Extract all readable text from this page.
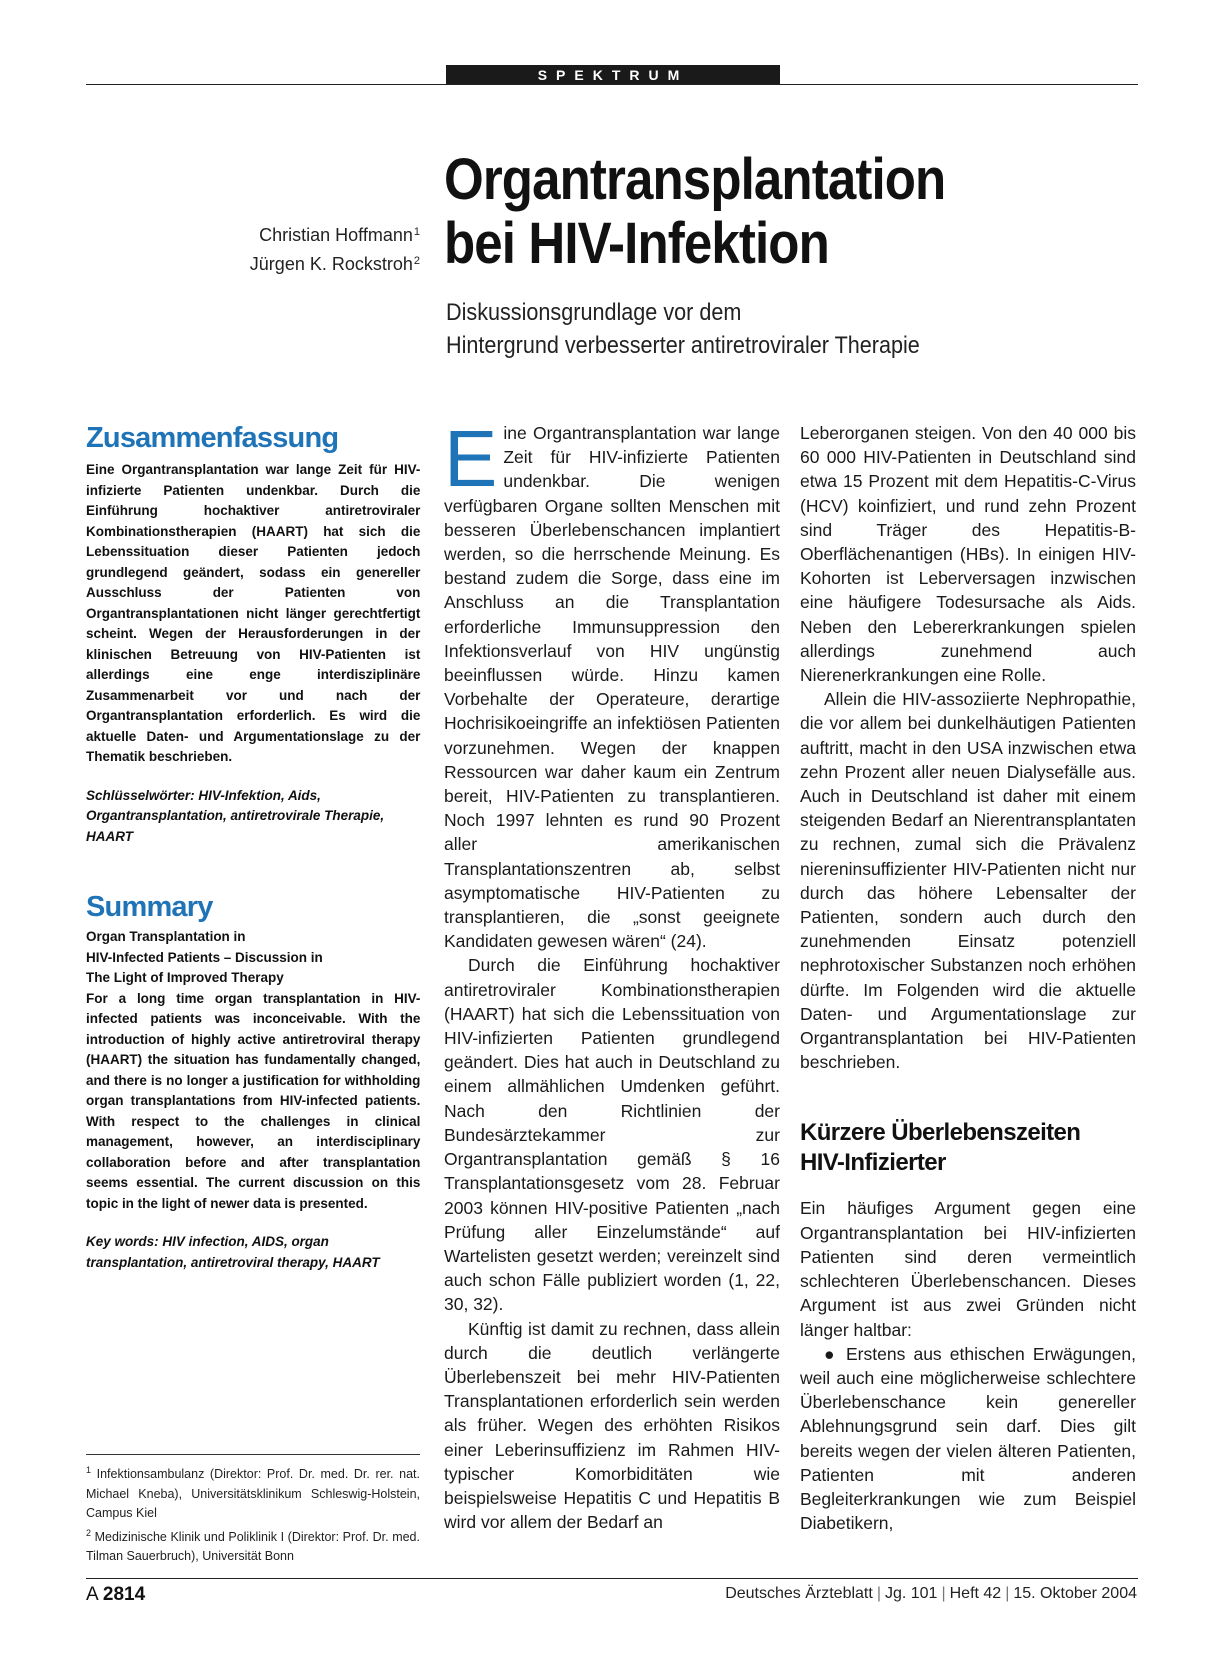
SPEKTRUM
Christian Hoffmann$^1$
Jürgen K. Rockstroh$^2$
Organtransplantation
bei HIV-Infektion
Diskussionsgrundlage vor dem
Hintergrund verbesserter antiretroviraler Therapie
Zusammenfassung

Eine Organtransplantation war lange Zeit für HIV-infizierte Patienten undenkbar. Durch die Einführung hochaktiver antiretroviraler Kombinationstherapien (HAART) hat sich die Lebenssituation dieser Patienten jedoch grundlegend geändert, sodass ein genereller Ausschluss der Patienten von Organtransplantationen nicht länger gerechtfertigt scheint. Wegen der Herausforderungen in der klinischen Betreuung von HIV-Patienten ist allerdings eine enge interdisziplinäre Zusammenarbeit vor und nach der Organtransplantation erforderlich. Es wird die aktuelle Daten- und Argumentationslage zu der Thematik beschrieben.

Schlüsselwörter: HIV-Infektion, Aids, Organtransplantation, antiretrovirale Therapie, HAART

Summary

Organ Transplantation in
HIV-Infected Patients – Discussion in
The Light of Improved Therapy
For a long time organ transplantation in HIV-infected patients was inconceivable. With the introduction of highly active antiretroviral therapy (HAART) the situation has fundamentally changed, and there is no longer a justification for withholding organ transplantations from HIV-infected patients. With respect to the challenges in clinical management, however, an interdisciplinary collaboration before and after transplantation seems essential. The current discussion on this topic in the light of newer data is presented.

Key words: HIV infection, AIDS, organ transplantation, antiretroviral therapy, HAART

$^1$ Infektionsambulanz (Direktor: Prof. Dr. med. Dr. rer. nat. Michael Kneba), Universitätsklinikum Schleswig-Holstein, Campus Kiel

$^2$ Medizinische Klinik und Poliklinik I (Direktor: Prof. Dr. med. Tilman Sauerbruch), Universität Bonn

Eine Organtransplantation war lange Zeit für HIV-infizierte Patienten undenkbar. Die wenigen verfügbaren Organe sollten Menschen mit besseren Überlebenschancen implantiert werden, so die herrschende Meinung. Es bestand zudem die Sorge, dass eine im Anschluss an die Transplantation erforderliche Immunsuppression den Infektionsverlauf von HIV ungünstig beeinflussen würde. Hinzu kamen Vorbehalte der Operateure, derartige Hochrisikoeingriffe an infektiösen Patienten vorzunehmen. Wegen der knappen Ressourcen war daher kaum ein Zentrum bereit, HIV-Patienten zu transplantieren. Noch 1997 lehnten es rund 90 Prozent aller amerikanischen Transplantationszentren ab, selbst asymptomatische HIV-Patienten zu transplantieren, die „sonst geeignete Kandidaten gewesen wären“ (24).

Durch die Einführung hochaktiver antiretroviraler Kombinationstherapien (HAART) hat sich die Lebenssituation von HIV-infizierten Patienten grundlegend geändert. Dies hat auch in Deutschland zu einem allmählichen Umdenken geführt. Nach den Richtlinien der Bundesärztekammer zur Organtransplantation gemäß § 16 Transplantationsgesetz vom 28. Februar 2003 können HIV-positive Patienten „nach Prüfung aller Einzelumstände“ auf Wartelisten gesetzt werden; vereinzelt sind auch schon Fälle publiziert worden (1, 22, 30, 32).

Künftig ist damit zu rechnen, dass allein durch die deutlich verlängerte Überlebenszeit bei mehr HIV-Patienten Transplantationen erforderlich sein werden als früher. Wegen des erhöhten Risikos einer Leberinsuffizienz im Rahmen HIV-typischer Komorbiditäten wie beispielsweise Hepatitis C und Hepatitis B wird vor allem der Bedarf an

Leberorganen steigen. Von den 40 000 bis 60 000 HIV-Patienten in Deutschland sind etwa 15 Prozent mit dem Hepatitis-C-Virus (HCV) koinfiziert, und rund zehn Prozent sind Träger des Hepatitis-B-Oberflächenantigen (HBs). In einigen HIV-Kohorten ist Leberversagen inzwischen eine häufigere Todesursache als Aids. Neben den Lebererkrankungen spielen allerdings zunehmend auch Nierenerkrankungen eine Rolle.

Allein die HIV-assoziierte Nephropathie, die vor allem bei dunkelhäutigen Patienten auftritt, macht in den USA inzwischen etwa zehn Prozent aller neuen Dialysefälle aus. Auch in Deutschland ist daher mit einem steigenden Bedarf an Nierentransplantaten zu rechnen, zumal sich die Prävalenz niereninsuffizienter HIV-Patienten nicht nur durch das höhere Lebensalter der Patienten, sondern auch durch den zunehmenden Einsatz potenziell nephrotoxischer Substanzen noch erhöhen dürfte. Im Folgenden wird die aktuelle Daten- und Argumentationslage zur Organtransplantation bei HIV-Patienten beschrieben.

Kürzere Überlebenszeiten
HIV-Infizierter

Ein häufiges Argument gegen eine Organtransplantation bei HIV-infizierten Patienten sind deren vermeintlich schlechteren Überlebenschancen. Dieses Argument ist aus zwei Gründen nicht länger haltbar:

● Erstens aus ethischen Erwägungen, weil auch eine möglicherweise schlechtere Überlebenschance kein genereller Ablehnungsgrund sein darf. Dies gilt bereits wegen der vielen älteren Patienten, Patienten mit anderen Begleiterkrankungen wie zum Beispiel Diabetikern,

A 2814	Deutsches Ärzteblatt | Jg. 101 | Heft 42 | 15. Oktober 2004
